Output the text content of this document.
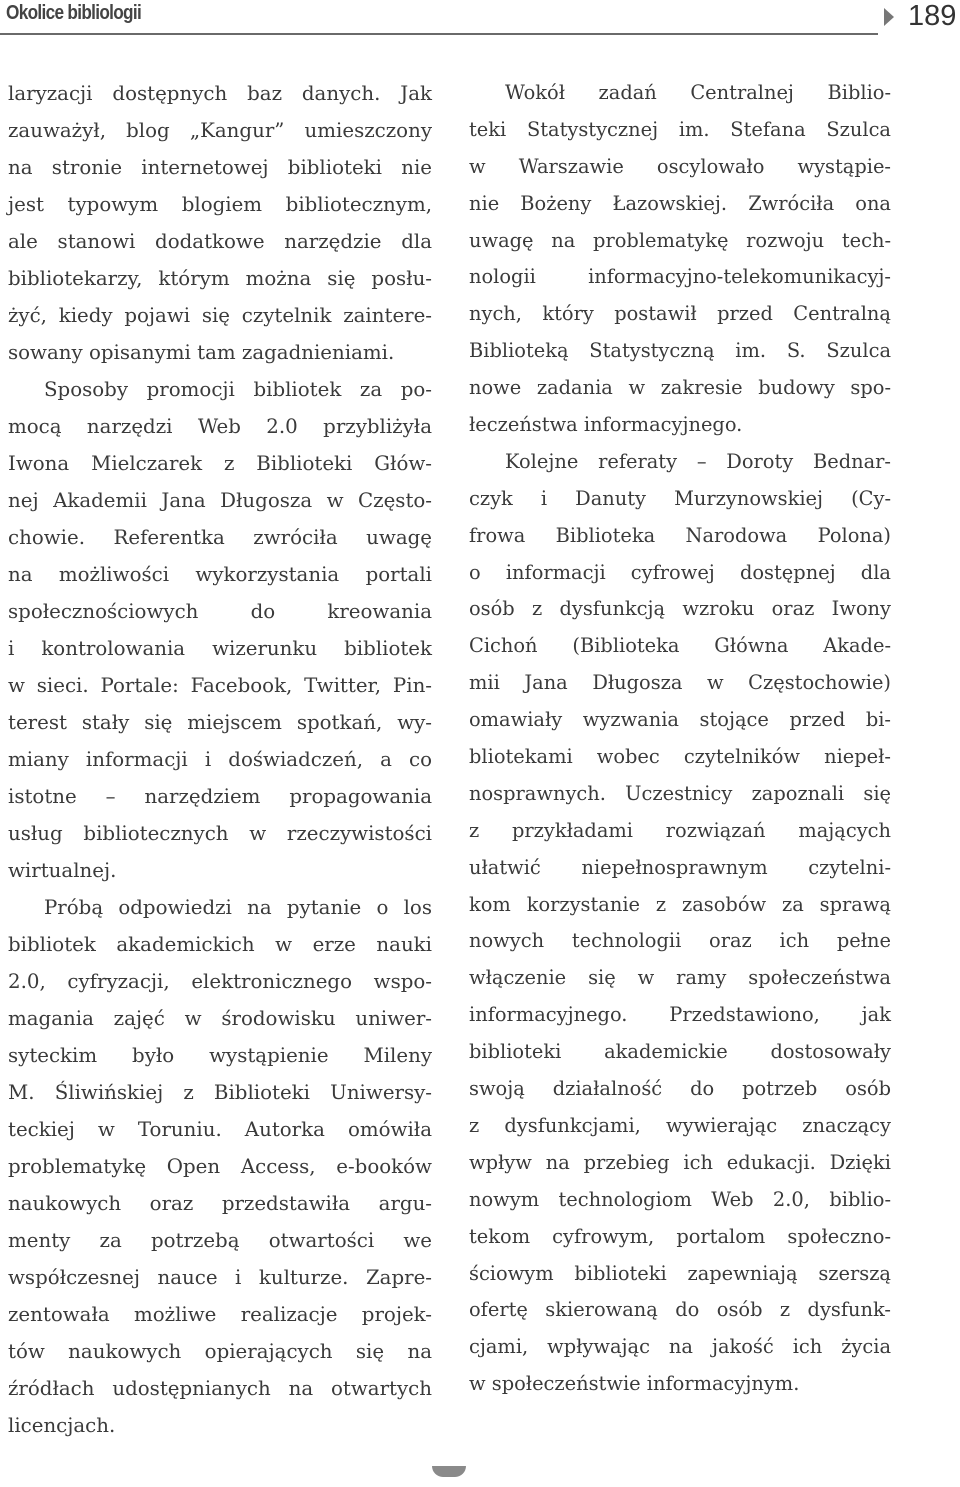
Okolice bibliologii	189
laryzacji dostępnych baz danych. Jak
zauważył, blog „Kangur” umieszczony
na stronie internetowej biblioteki nie
jest typowym blogiem bibliotecznym,
ale stanowi dodatkowe narzędzie dla
bibliotekarzy, którym można się posłu-
żyć, kiedy pojawi się czytelnik zaintere-
sowany opisanymi tam zagadnieniami.
Sposoby promocji bibliotek za po-
mocą narzędzi Web 2.0 przybliżyła
Iwona Mielczarek z Biblioteki Głów-
nej Akademii Jana Długosza w Często-
chowie. Referentka zwróciła uwagę
na możliwości wykorzystania portali
społecznościowych do kreowania
i kontrolowania wizerunku bibliotek
w sieci. Portale: Facebook, Twitter, Pin-
terest stały się miejscem spotkań, wy-
miany informacji i doświadczeń, a co
istotne – narzędziem propagowania
usług bibliotecznych w rzeczywistości
wirtualnej.
Próbą odpowiedzi na pytanie o los
bibliotek akademickich w erze nauki
2.0, cyfryzacji, elektronicznego wspo-
magania zajęć w środowisku uniwer-
syteckim było wystąpienie Mileny
M. Śliwińskiej z Biblioteki Uniwersy-
teckiej w Toruniu. Autorka omówiła
problematykę Open Access, e-booków
naukowych oraz przedstawiła argu-
menty za potrzebą otwartości we
współczesnej nauce i kulturze. Zapre-
zentowała możliwe realizacje projek-
tów naukowych opierających się na
źródłach udostępnianych na otwartych
licencjach.
Wokół zadań Centralnej Biblio-
teki Statystycznej im. Stefana Szulca
w Warszawie oscylowało wystąpie-
nie Bożeny Łazowskiej. Zwróciła ona
uwagę na problematykę rozwoju tech-
nologii informacyjno-telekomunikacyj-
nych, który postawił przed Centralną
Biblioteką Statystyczną im. S. Szulca
nowe zadania w zakresie budowy spo-
łeczeństwa informacyjnego.
Kolejne referaty – Doroty Bednar-
czyk i Danuty Murzynowskiej (Cy-
frowa Biblioteka Narodowa Polona)
o informacji cyfrowej dostępnej dla
osób z dysfunkcją wzroku oraz Iwony
Cichoń (Biblioteka Główna Akade-
mii Jana Długosza w Częstochowie)
omawiały wyzwania stojące przed bi-
bliotekami wobec czytelników niepeł-
nosprawnych. Uczestnicy zapoznali się
z przykładami rozwiązań mających
ułatwić niepełnosprawnym czytelni-
kom korzystanie z zasobów za sprawą
nowych technologii oraz ich pełne
włączenie się w ramy społeczeństwa
informacyjnego. Przedstawiono, jak
biblioteki akademickie dostosowały
swoją działalność do potrzeb osób
z dysfunkcjami, wywierając znaczący
wpływ na przebieg ich edukacji. Dzięki
nowym technologiom Web 2.0, biblio-
tekom cyfrowym, portalom społeczno-
ściowym biblioteki zapewniają szerszą
ofertę skierowaną do osób z dysfunk-
cjami, wpływając na jakość ich życia
w społeczeństwie informacyjnym.
